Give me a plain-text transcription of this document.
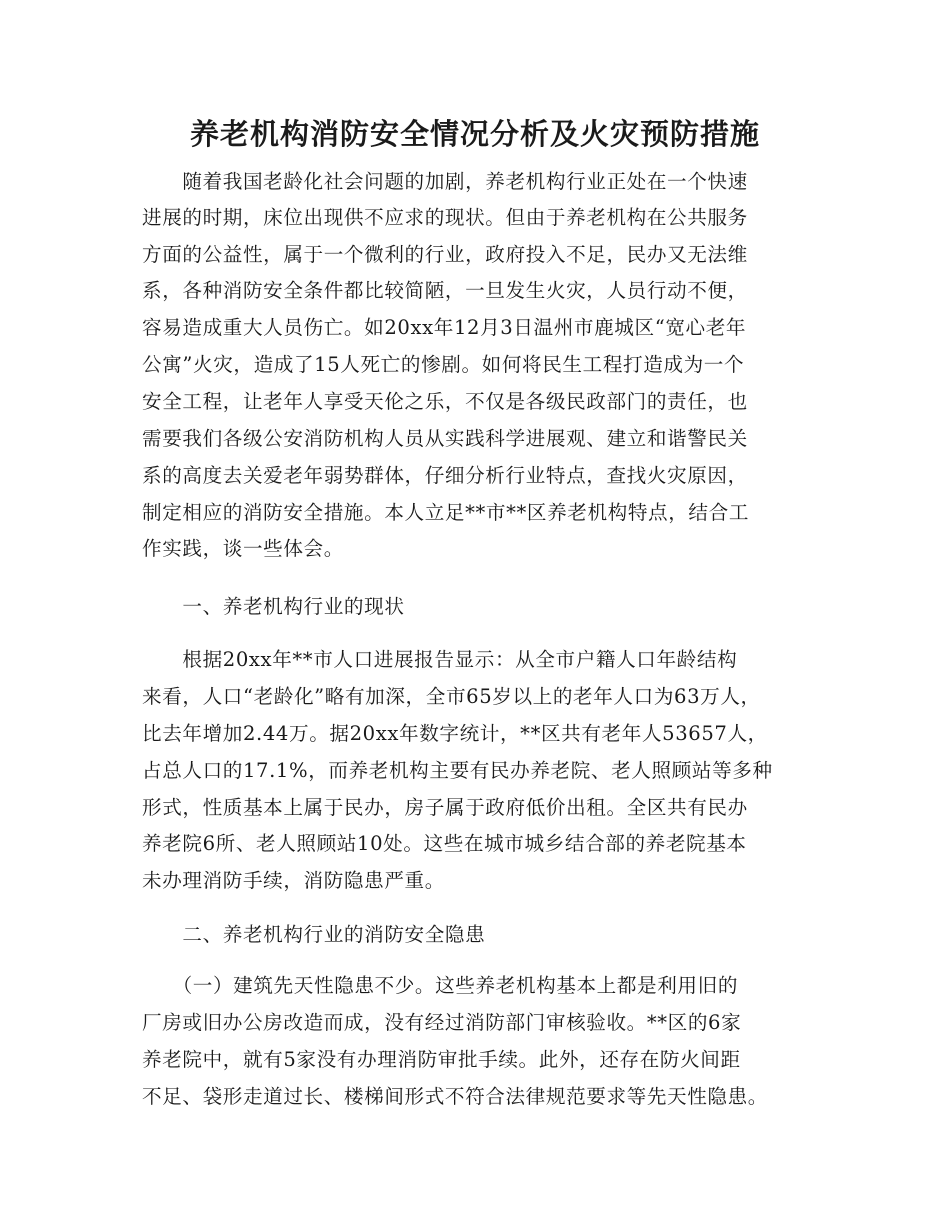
养老机构消防安全情况分析及火灾预防措施
　　随着我国老龄化社会问题的加剧，养老机构行业正处在一个快速
进展的时期，床位出现供不应求的现状。但由于养老机构在公共服务
方面的公益性，属于一个微利的行业，政府投入不足，民办又无法维
系，各种消防安全条件都比较简陋，一旦发生火灾，人员行动不便，
容易造成重大人员伤亡。如20xx年12月3日温州市鹿城区“宽心老年
公寓”火灾，造成了15人死亡的惨剧。如何将民生工程打造成为一个
安全工程，让老年人享受天伦之乐，不仅是各级民政部门的责任，也
需要我们各级公安消防机构人员从实践科学进展观、建立和谐警民关
系的高度去关爱老年弱势群体，仔细分析行业特点，查找火灾原因，
制定相应的消防安全措施。本人立足**市**区养老机构特点，结合工
作实践，谈一些体会。
　　一、养老机构行业的现状
　　根据20xx年**市人口进展报告显示：从全市户籍人口年龄结构
来看，人口“老龄化”略有加深，全市65岁以上的老年人口为63万人，
比去年增加2.44万。据20xx年数字统计，**区共有老年人53657人，
占总人口的17.1%，而养老机构主要有民办养老院、老人照顾站等多种
形式，性质基本上属于民办，房子属于政府低价出租。全区共有民办
养老院6所、老人照顾站10处。这些在城市城乡结合部的养老院基本
未办理消防手续，消防隐患严重。
　　二、养老机构行业的消防安全隐患
　　（一）建筑先天性隐患不少。这些养老机构基本上都是利用旧的
厂房或旧办公房改造而成，没有经过消防部门审核验收。**区的6家
养老院中，就有5家没有办理消防审批手续。此外，还存在防火间距
不足、袋形走道过长、楼梯间形式不符合法律规范要求等先天性隐患。
